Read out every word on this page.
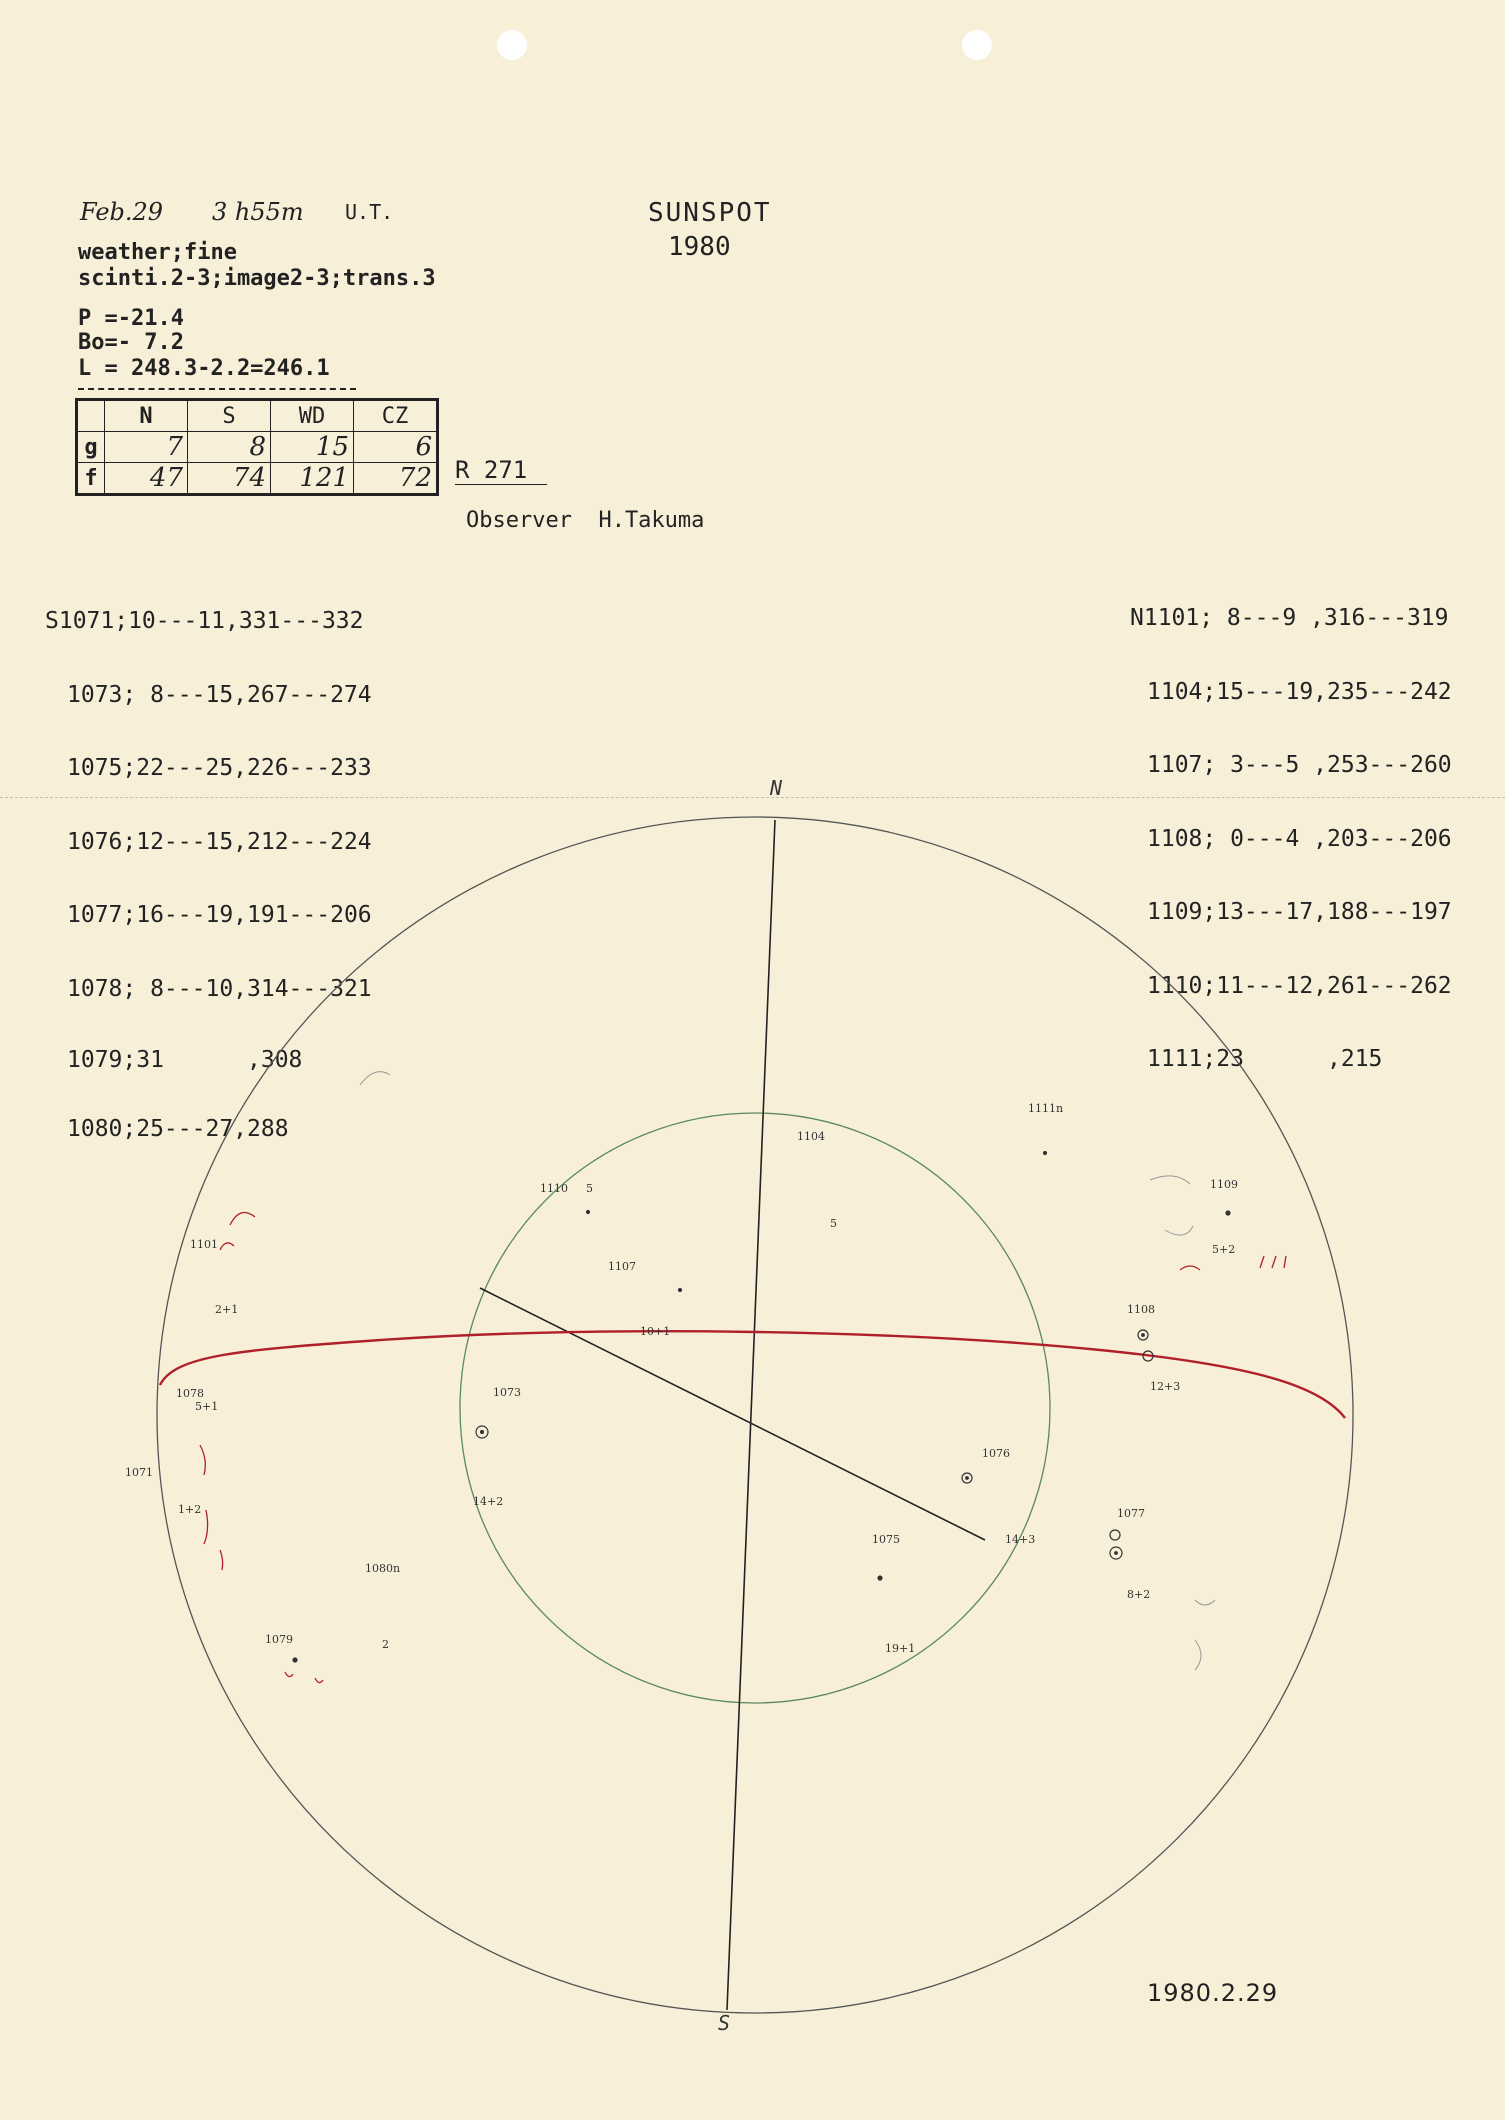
Feb.29 3 h55m U.T.	SUNSPOT
1980
weather;fine
scinti.2-3;image2-3;trans.3
P =-21.4
Bo=- 7.2
L = 248.3-2.2=246.1
	N	S	WD	CZ
g	7	8	15	6
f	47	74	121	72 R 271
Observer  H.Takuma

S1071;10---11,331---332

1073; 8---15,267---274

1075;22---25,226---233

1076;12---15,212---224

1077;16---19,191---206

1078; 8---10,314---321

1079;31      ,308

1080;25---27,288

N1101; 8---9 ,316---319

1104;15---19,235---242

1107; 3---5 ,253---260

1108; 0---4 ,203---206

1109;13---17,188---197

1110;11---12,261---262

1111;23      ,215

N
S
1111n
1104
1110 5
5
1109
5+2
1101
2+1
1107
10+1
1108
12+3
1078
5+1
1073
1071
1+2
14+2
1076
1075	14+3
1077
8+2
1080n
1079	2	19+1
1980.2.29
